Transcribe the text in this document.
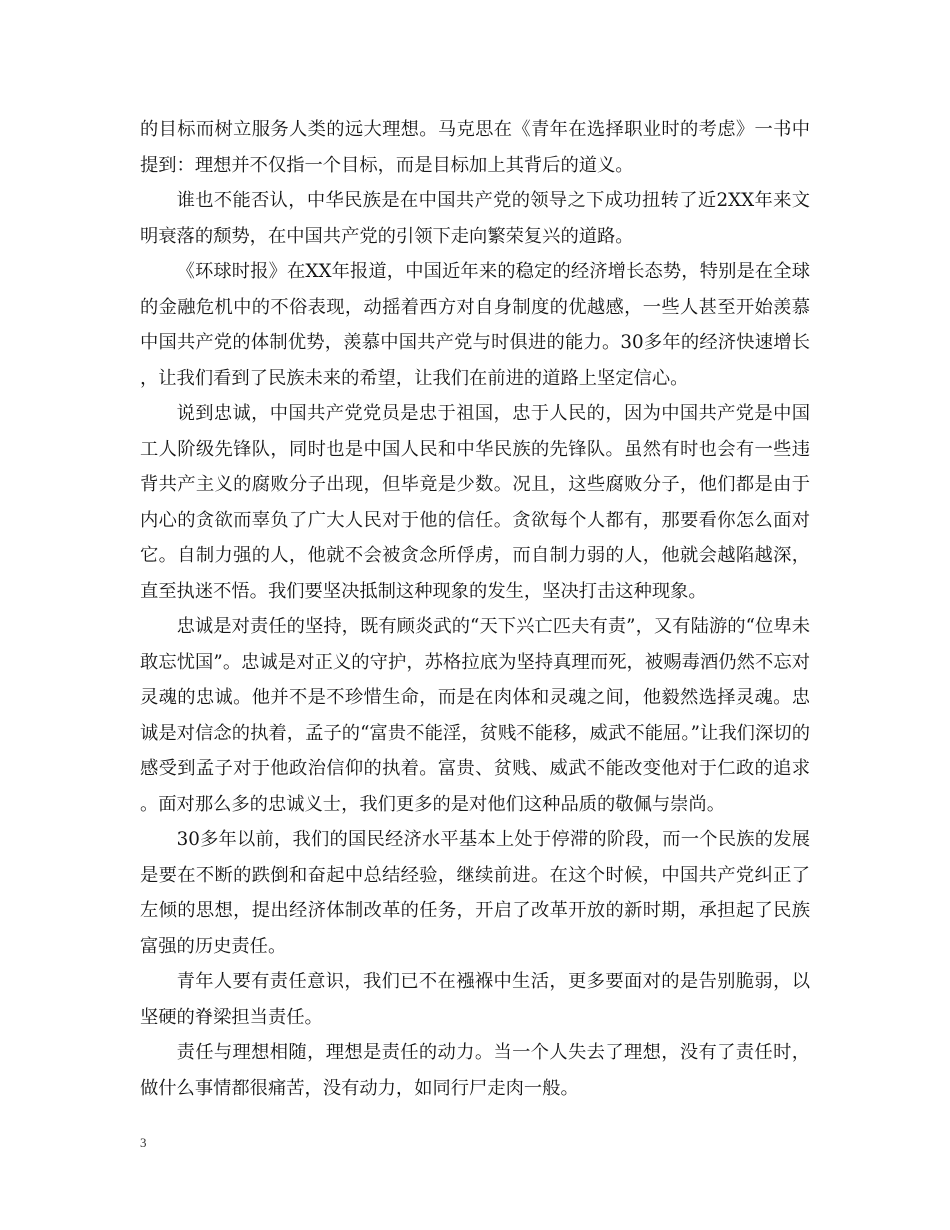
的目标而树立服务人类的远大理想。马克思在《青年在选择职业时的考虑》一书中提到：理想并不仅指一个目标，而是目标加上其背后的道义。

谁也不能否认，中华民族是在中国共产党的领导之下成功扭转了近2XX年来文明衰落的颓势，在中国共产党的引领下走向繁荣复兴的道路。

《环球时报》在XX年报道，中国近年来的稳定的经济增长态势，特别是在全球的金融危机中的不俗表现，动摇着西方对自身制度的优越感，一些人甚至开始羡慕中国共产党的体制优势，羡慕中国共产党与时俱进的能力。30多年的经济快速增长，让我们看到了民族未来的希望，让我们在前进的道路上坚定信心。

说到忠诚，中国共产党党员是忠于祖国，忠于人民的，因为中国共产党是中国工人阶级先锋队，同时也是中国人民和中华民族的先锋队。虽然有时也会有一些违背共产主义的腐败分子出现，但毕竟是少数。况且，这些腐败分子，他们都是由于内心的贪欲而辜负了广大人民对于他的信任。贪欲每个人都有，那要看你怎么面对它。自制力强的人，他就不会被贪念所俘虏，而自制力弱的人，他就会越陷越深，直至执迷不悟。我们要坚决抵制这种现象的发生，坚决打击这种现象。

忠诚是对责任的坚持，既有顾炎武的“天下兴亡匹夫有责”，又有陆游的“位卑未敢忘忧国”。忠诚是对正义的守护，苏格拉底为坚持真理而死，被赐毒酒仍然不忘对灵魂的忠诚。他并不是不珍惜生命，而是在肉体和灵魂之间，他毅然选择灵魂。忠诚是对信念的执着，孟子的“富贵不能淫，贫贱不能移，威武不能屈。”让我们深切的感受到孟子对于他政治信仰的执着。富贵、贫贱、威武不能改变他对于仁政的追求。面对那么多的忠诚义士，我们更多的是对他们这种品质的敬佩与崇尚。

30多年以前，我们的国民经济水平基本上处于停滞的阶段，而一个民族的发展是要在不断的跌倒和奋起中总结经验，继续前进。在这个时候，中国共产党纠正了左倾的思想，提出经济体制改革的任务，开启了改革开放的新时期，承担起了民族富强的历史责任。

青年人要有责任意识，我们已不在襁褓中生活，更多要面对的是告别脆弱，以坚硬的脊梁担当责任。

责任与理想相随，理想是责任的动力。当一个人失去了理想，没有了责任时，做什么事情都很痛苦，没有动力，如同行尸走肉一般。

3
